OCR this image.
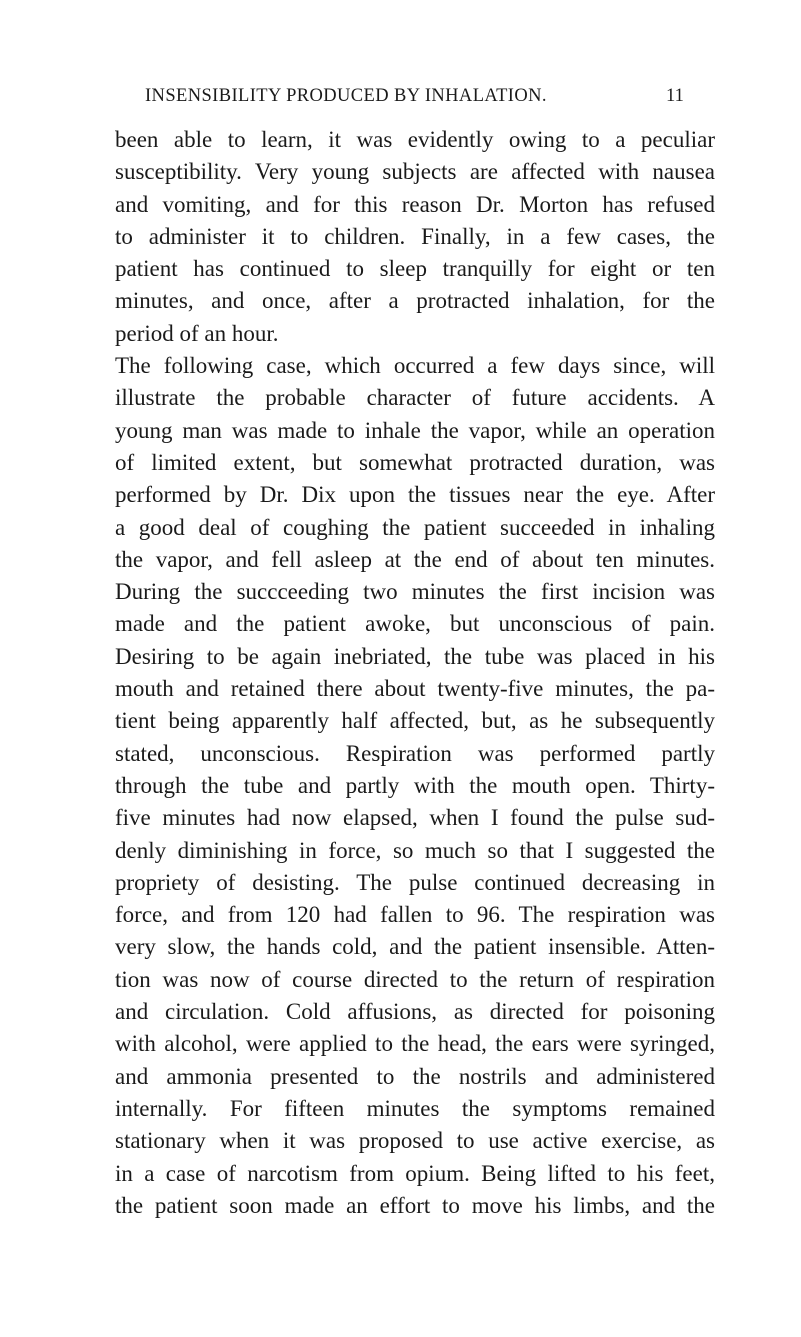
INSENSIBILITY PRODUCED BY INHALATION.	11
been able to learn, it was evidently owing to a peculiar
susceptibility. Very young subjects are affected with nausea
and vomiting, and for this reason Dr. Morton has refused
to administer it to children. Finally, in a few cases, the
patient has continued to sleep tranquilly for eight or ten
minutes, and once, after a protracted inhalation, for the
period of an hour.
The following case, which occurred a few days since, will
illustrate the probable character of future accidents. A
young man was made to inhale the vapor, while an operation
of limited extent, but somewhat protracted duration, was
performed by Dr. Dix upon the tissues near the eye. After
a good deal of coughing the patient succeeded in inhaling
the vapor, and fell asleep at the end of about ten minutes.
During the succceeding two minutes the first incision was
made and the patient awoke, but unconscious of pain.
Desiring to be again inebriated, the tube was placed in his
mouth and retained there about twenty-five minutes, the pa-
tient being apparently half affected, but, as he subsequently
stated, unconscious. Respiration was performed partly
through the tube and partly with the mouth open. Thirty-
five minutes had now elapsed, when I found the pulse sud-
denly diminishing in force, so much so that I suggested the
propriety of desisting. The pulse continued decreasing in
force, and from 120 had fallen to 96. The respiration was
very slow, the hands cold, and the patient insensible. Atten-
tion was now of course directed to the return of respiration
and circulation. Cold affusions, as directed for poisoning
with alcohol, were applied to the head, the ears were syringed,
and ammonia presented to the nostrils and administered
internally. For fifteen minutes the symptoms remained
stationary when it was proposed to use active exercise, as
in a case of narcotism from opium. Being lifted to his feet,
the patient soon made an effort to move his limbs, and the
